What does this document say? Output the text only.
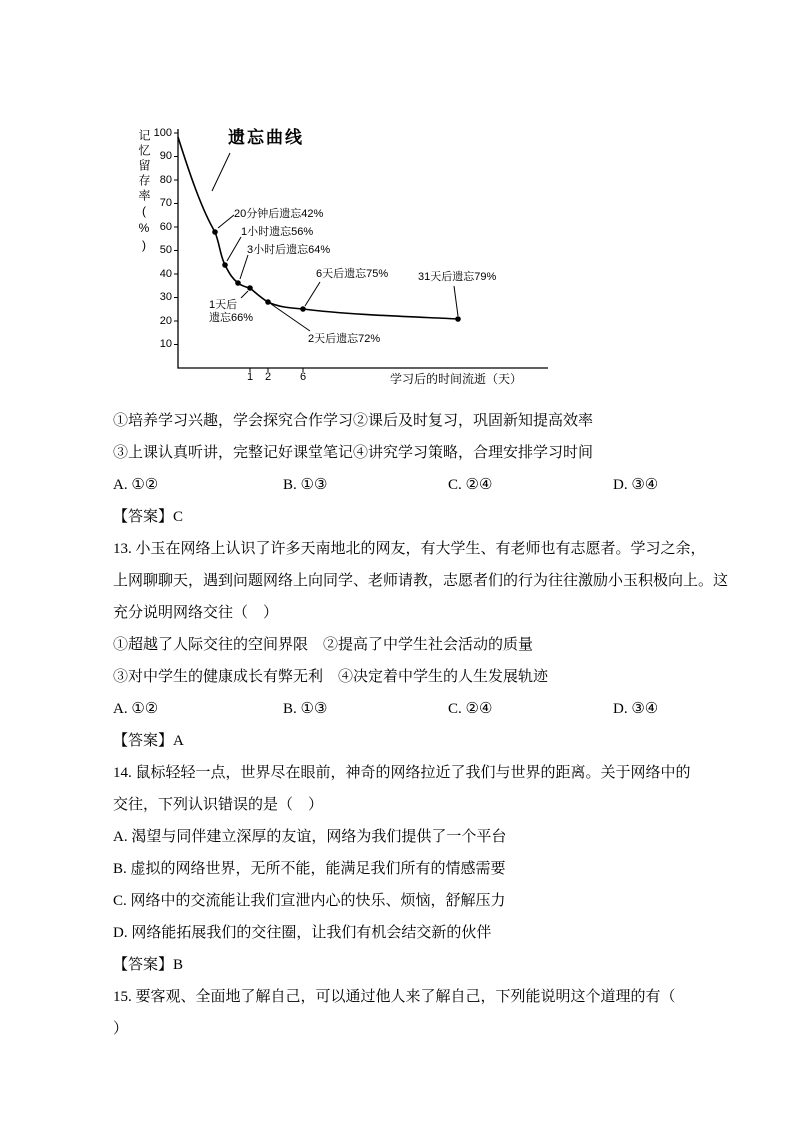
遗忘曲线
记忆留存率(%) 100
90
80
70
60
50
40
30
20
10
1	2	6	学习后的时间流逝（天）
20分钟后遗忘42%
1小时遗忘56%
3小时后遗忘64%
6天后遗忘75%	31天后遗忘79%
1天后
遗忘66%
2天后遗忘72%
①培养学习兴趣，学会探究合作学习②课后及时复习，巩固新知提高效率
③上课认真听讲，完整记好课堂笔记④讲究学习策略，合理安排学习时间
A. ①②	B. ①③	C. ②④	D. ③④
【答案】C
13. 小玉在网络上认识了许多天南地北的网友，有大学生、有老师也有志愿者。学习之余，
上网聊聊天，遇到问题网络上向同学、老师请教，志愿者们的行为往往激励小玉积极向上。这
充分说明网络交往（　）
①超越了人际交往的空间界限　②提高了中学生社会活动的质量
③对中学生的健康成长有弊无利　④决定着中学生的人生发展轨迹
A. ①②	B. ①③	C. ②④	D. ③④
【答案】A
14. 鼠标轻轻一点，世界尽在眼前，神奇的网络拉近了我们与世界的距离。关于网络中的
交往，下列认识错误的是（　）
A. 渴望与同伴建立深厚的友谊，网络为我们提供了一个平台
B. 虚拟的网络世界，无所不能，能满足我们所有的情感需要
C. 网络中的交流能让我们宣泄内心的快乐、烦恼，舒解压力
D. 网络能拓展我们的交往圈，让我们有机会结交新的伙伴
【答案】B
15. 要客观、全面地了解自己，可以通过他人来了解自己，下列能说明这个道理的有（
）
